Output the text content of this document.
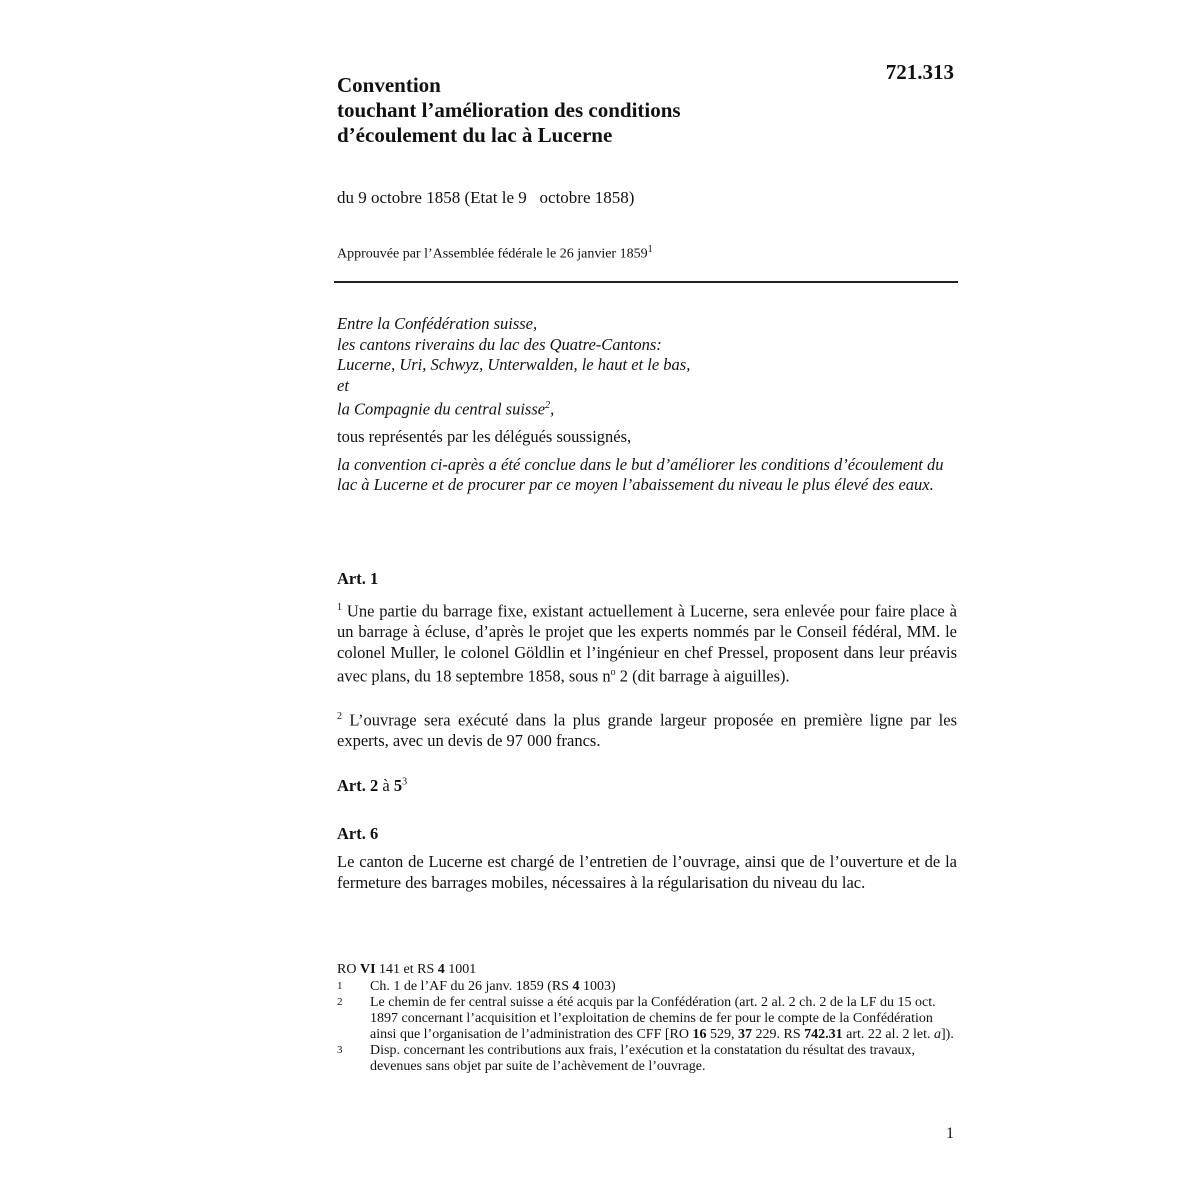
721.313
Convention
touchant l’amélioration des conditions
d’écoulement du lac à Lucerne
du 9 octobre 1858 (Etat le 9   octobre 1858)
Approuvée par l’Assemblée fédérale le 26 janvier 1859$^1$

Entre la Confédération suisse,

les cantons riverains du lac des Quatre-Cantons:

Lucerne, Uri, Schwyz, Unterwalden, le haut et le bas,

et

la Compagnie du central suisse$^2$,

tous représentés par les délégués soussignés,

la convention ci-après a été conclue dans le but d’améliorer les conditions d’écoulement du lac à Lucerne et de procurer par ce moyen l’abaissement du niveau le plus élevé des eaux.

Art. 1

$^1$ Une partie du barrage fixe, existant actuellement à Lucerne, sera enlevée pour faire place à un barrage à écluse, d’après le projet que les experts nommés par le Conseil fédéral, MM. le colonel Muller, le colonel Göldlin et l’ingénieur en chef Pressel, proposent dans leur préavis avec plans, du 18 septembre 1858, sous $n^o$ 2 (dit barrage à aiguilles).

$^2$ L’ouvrage sera exécuté dans la plus grande largeur proposée en première ligne par les experts, avec un devis de 97 000 francs.

Art. 2 à $5^3$
Art. 6

Le canton de Lucerne est chargé de l’entretien de l’ouvrage, ainsi que de l’ouverture et de la fermeture des barrages mobiles, nécessaires à la régularisation du niveau du lac.

RO VI 141 et RS 4 1001
1 Ch. 1 de l’AF du 26 janv. 1859 (RS 4 1003)
2 Le chemin de fer central suisse a été acquis par la Confédération (art. 2 al. 2 ch. 2 de la LF du 15 oct. 1897 concernant l’acquisition et l’exploitation de chemins de fer pour le compte de la Confédération ainsi que l’organisation de l’administration des CFF [RO 16 529, 37 229. RS 742.31 art. 22 al. 2 let. a]).
3 Disp. concernant les contributions aux frais, l’exécution et la constatation du résultat des travaux, devenues sans objet par suite de l’achèvement de l’ouvrage.
1
